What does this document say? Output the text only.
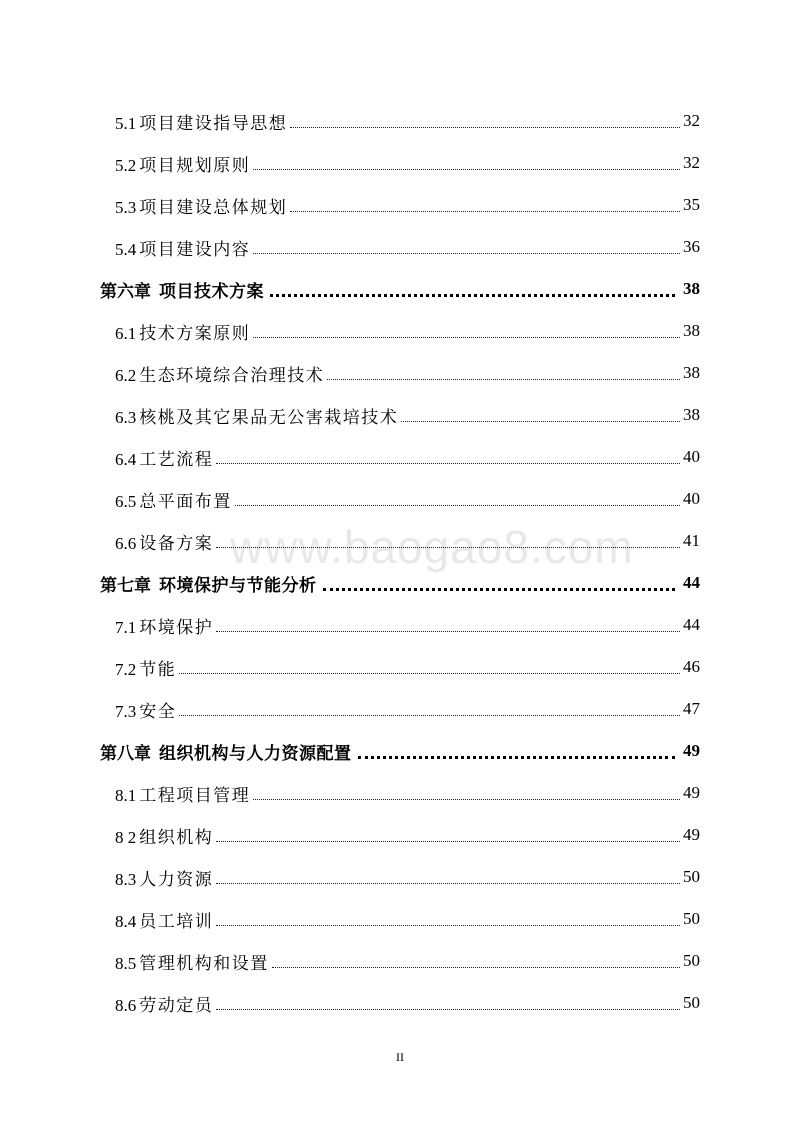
5.1 项目建设指导思想	32
5.2 项目规划原则	32
5.3 项目建设总体规划	35
5.4 项目建设内容	36
第六章 项目技术方案	38
6.1 技术方案原则	38
6.2 生态环境综合治理技术	38
6.3 核桃及其它果品无公害栽培技术	38
6.4 工艺流程	40
6.5 总平面布置	40
6.6 设备方案	41
第七章 环境保护与节能分析	44
7.1 环境保护	44
7.2 节能	46
7.3 安全	47
第八章 组织机构与人力资源配置	49
8.1 工程项目管理	49
8 2 组织机构	49
8.3 人力资源	50
8.4 员工培训	50
8.5 管理机构和设置	50
8.6 劳动定员	50
www.baogao8.com
II
